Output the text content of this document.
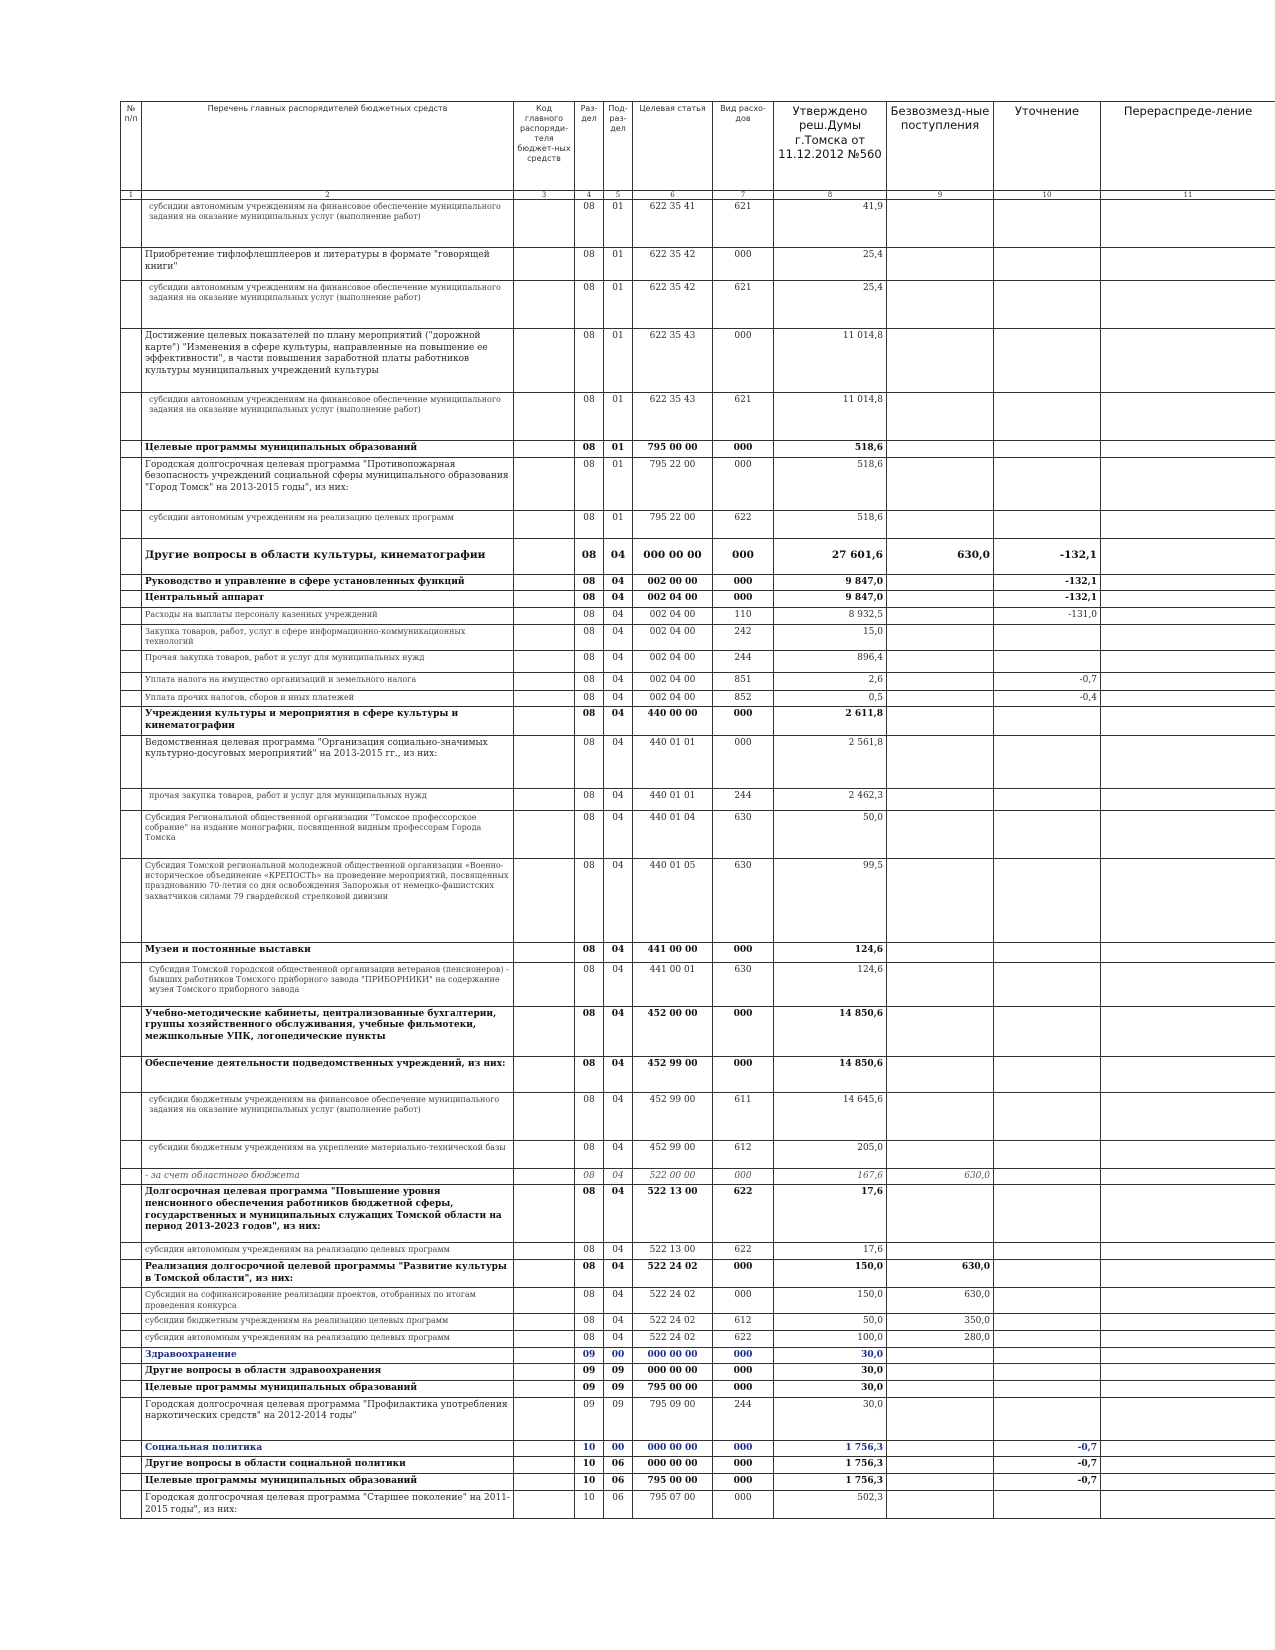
№ п/п	Перечень главных распорядителей бюджетных средств	Код главного распоряди-теля бюджет-ных средств	Раз-дел	Под-раз-дел	Целевая статья	Вид расхо-дов	Утверждено реш.Думы г.Томска от 11.12.2012 №560	Безвозмезд-ные поступления	Уточнение	Перераспреде-ление
1	2	3	4	5	6	7	8	9	10	11
	субсидии автономным учреждениям на финансовое обеспечение муниципального задания на оказание муниципальных услуг (выполнение работ)		08	01	622 35 41	621	41,9			
	Приобретение тифлофлешплееров и литературы в формате "говорящей книги"		08	01	622 35 42	000	25,4			
	субсидии автономным учреждениям на финансовое обеспечение муниципального задания на оказание муниципальных услуг (выполнение работ)		08	01	622 35 42	621	25,4			
	Достижение целевых показателей по плану мероприятий ("дорожной карте") "Изменения в сфере культуры, направленные на повышение ее эффективности", в части повышения заработной платы работников культуры муниципальных учреждений культуры		08	01	622 35 43	000	11 014,8			
	субсидии автономным учреждениям на финансовое обеспечение муниципального задания на оказание муниципальных услуг (выполнение работ)		08	01	622 35 43	621	11 014,8			
	Целевые программы муниципальных образований		08	01	795 00 00	000	518,6			
	Городская долгосрочная целевая программа "Противопожарная безопасность учреждений социальной сферы муниципального образования "Город Томск" на 2013-2015 годы", из них:		08	01	795 22 00	000	518,6			
	субсидии автономным учреждениям на реализацию целевых программ		08	01	795 22 00	622	518,6			
	Другие вопросы в области культуры, кинематографии		08	04	000 00 00	000	27 601,6	630,0	-132,1	
	Руководство и управление в сфере установленных функций		08	04	002 00 00	000	9 847,0		-132,1	
	Центральный аппарат		08	04	002 04 00	000	9 847,0		-132,1	
	Расходы на выплаты персоналу казенных учреждений		08	04	002 04 00	110	8 932,5		-131,0	
	Закупка товаров, работ, услуг в сфере информационно-коммуникационных технологий		08	04	002 04 00	242	15,0			
	Прочая закупка товаров, работ и услуг для муниципальных нужд		08	04	002 04 00	244	896,4			
	Уплата налога на имущество организаций и земельного налога		08	04	002 04 00	851	2,6		-0,7	
	Уплата прочих налогов, сборов и иных платежей		08	04	002 04 00	852	0,5		-0,4	
	Учреждения культуры и мероприятия в сфере культуры и кинематографии		08	04	440 00 00	000	2 611,8			
	Ведомственная целевая программа "Организация социально-значимых культурно-досуговых мероприятий" на 2013-2015 гг., из них:		08	04	440 01 01	000	2 561,8			
	прочая закупка товаров, работ и услуг для муниципальных нужд		08	04	440 01 01	244	2 462,3			
	Субсидия Региональной общественной организации "Томское профессорское собрание" на издание монографии, посвященной видным профессорам Города Томска		08	04	440 01 04	630	50,0			
	Субсидия Томской региональной молодежной общественной организации «Военно-историческое объединение «КРЕПОСТЬ» на проведение мероприятий, посвященных празднованию 70-летия со дня освобождения Запорожья от немецко-фашистских захватчиков силами 79 гвардейской стрелковой дивизии		08	04	440 01 05	630	99,5			
	Музеи и постоянные выставки		08	04	441 00 00	000	124,6			
	Субсидия Томской городской общественной организации ветеранов (пенсионеров) - бывших работников Томского приборного завода "ПРИБОРНИКИ" на содержание музея Томского приборного завода		08	04	441 00 01	630	124,6			
	Учебно-методические кабинеты, централизованные бухгалтерии, группы хозяйственного обслуживания, учебные фильмотеки, межшкольные УПК, логопедические пункты		08	04	452 00 00	000	14 850,6			
	Обеспечение деятельности подведомственных учреждений, из них:		08	04	452 99 00	000	14 850,6			
	субсидии бюджетным учреждениям на финансовое обеспечение муниципального задания на оказание муниципальных услуг (выполнение работ)		08	04	452 99 00	611	14 645,6			
	субсидии бюджетным учреждениям на укрепление материально-технической базы		08	04	452 99 00	612	205,0			
	- за счет областного бюджета		08	04	522 00 00	000	167,6	630,0		
	Долгосрочная целевая программа "Повышение уровня пенсионного обеспечения работников бюджетной сферы, государственных и муниципальных служащих Томской области на период 2013-2023 годов", из них:		08	04	522 13 00	622	17,6			
	субсидии автономным учреждениям на реализацию целевых программ		08	04	522 13 00	622	17,6			
	Реализация долгосрочной целевой программы "Развитие культуры в Томской области", из них:		08	04	522 24 02	000	150,0	630,0		
	Субсидия на софинансирование реализации проектов, отобранных по итогам проведения конкурса		08	04	522 24 02	000	150,0	630,0		
	субсидии бюджетным учреждениям на реализацию целевых программ		08	04	522 24 02	612	50,0	350,0		
	субсидии автономным учреждениям на реализацию целевых программ		08	04	522 24 02	622	100,0	280,0		
	Здравоохранение		09	00	000 00 00	000	30,0			
	Другие вопросы в области здравоохранения		09	09	000 00 00	000	30,0			
	Целевые программы муниципальных образований		09	09	795 00 00	000	30,0			
	Городская долгосрочная целевая программа "Профилактика употребления наркотических средств" на 2012-2014 годы"		09	09	795 09 00	244	30,0			
	Социальная политика		10	00	000 00 00	000	1 756,3		-0,7	
	Другие вопросы в области социальной политики		10	06	000 00 00	000	1 756,3		-0,7	
	Целевые программы муниципальных образований		10	06	795 00 00	000	1 756,3		-0,7	
	Городская долгосрочная целевая программа "Старшее поколение" на 2011-2015 годы", из них:		10	06	795 07 00	000	502,3			
